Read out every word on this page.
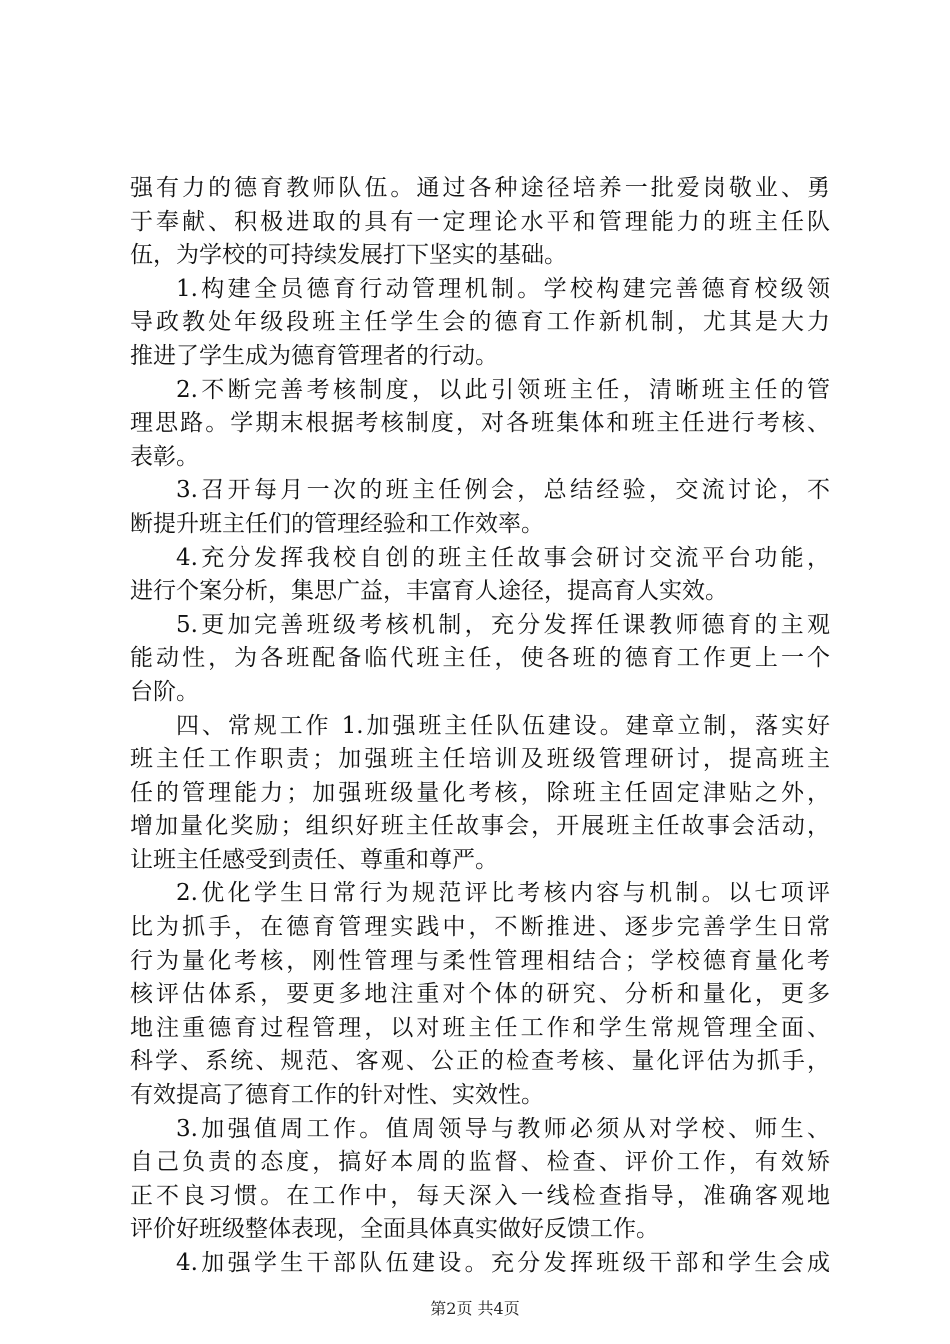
强有力的德育教师队伍。通过各种途径培养一批爱岗敬业、勇
于奉献、积极进取的具有一定理论水平和管理能力的班主任队
伍，为学校的可持续发展打下坚实的基础。
1.构建全员德育行动管理机制。学校构建完善德育校级领
导政教处年级段班主任学生会的德育工作新机制，尤其是大力
推进了学生成为德育管理者的行动。
2.不断完善考核制度，以此引领班主任，清晰班主任的管
理思路。学期末根据考核制度，对各班集体和班主任进行考核、
表彰。
3.召开每月一次的班主任例会，总结经验，交流讨论，不
断提升班主任们的管理经验和工作效率。
4.充分发挥我校自创的班主任故事会研讨交流平台功能，
进行个案分析，集思广益，丰富育人途径，提高育人实效。
5.更加完善班级考核机制，充分发挥任课教师德育的主观
能动性，为各班配备临代班主任，使各班的德育工作更上一个
台阶。
四、常规工作 1.加强班主任队伍建设。建章立制，落实好
班主任工作职责；加强班主任培训及班级管理研讨，提高班主
任的管理能力；加强班级量化考核，除班主任固定津贴之外，
增加量化奖励；组织好班主任故事会，开展班主任故事会活动，
让班主任感受到责任、尊重和尊严。
2.优化学生日常行为规范评比考核内容与机制。以七项评
比为抓手，在德育管理实践中，不断推进、逐步完善学生日常
行为量化考核，刚性管理与柔性管理相结合；学校德育量化考
核评估体系，要更多地注重对个体的研究、分析和量化，更多
地注重德育过程管理，以对班主任工作和学生常规管理全面、
科学、系统、规范、客观、公正的检查考核、量化评估为抓手，
有效提高了德育工作的针对性、实效性。
3.加强值周工作。值周领导与教师必须从对学校、师生、
自己负责的态度，搞好本周的监督、检查、评价工作，有效矫
正不良习惯。在工作中，每天深入一线检查指导，准确客观地
评价好班级整体表现，全面具体真实做好反馈工作。
4.加强学生干部队伍建设。充分发挥班级干部和学生会成
第2页 共4页
